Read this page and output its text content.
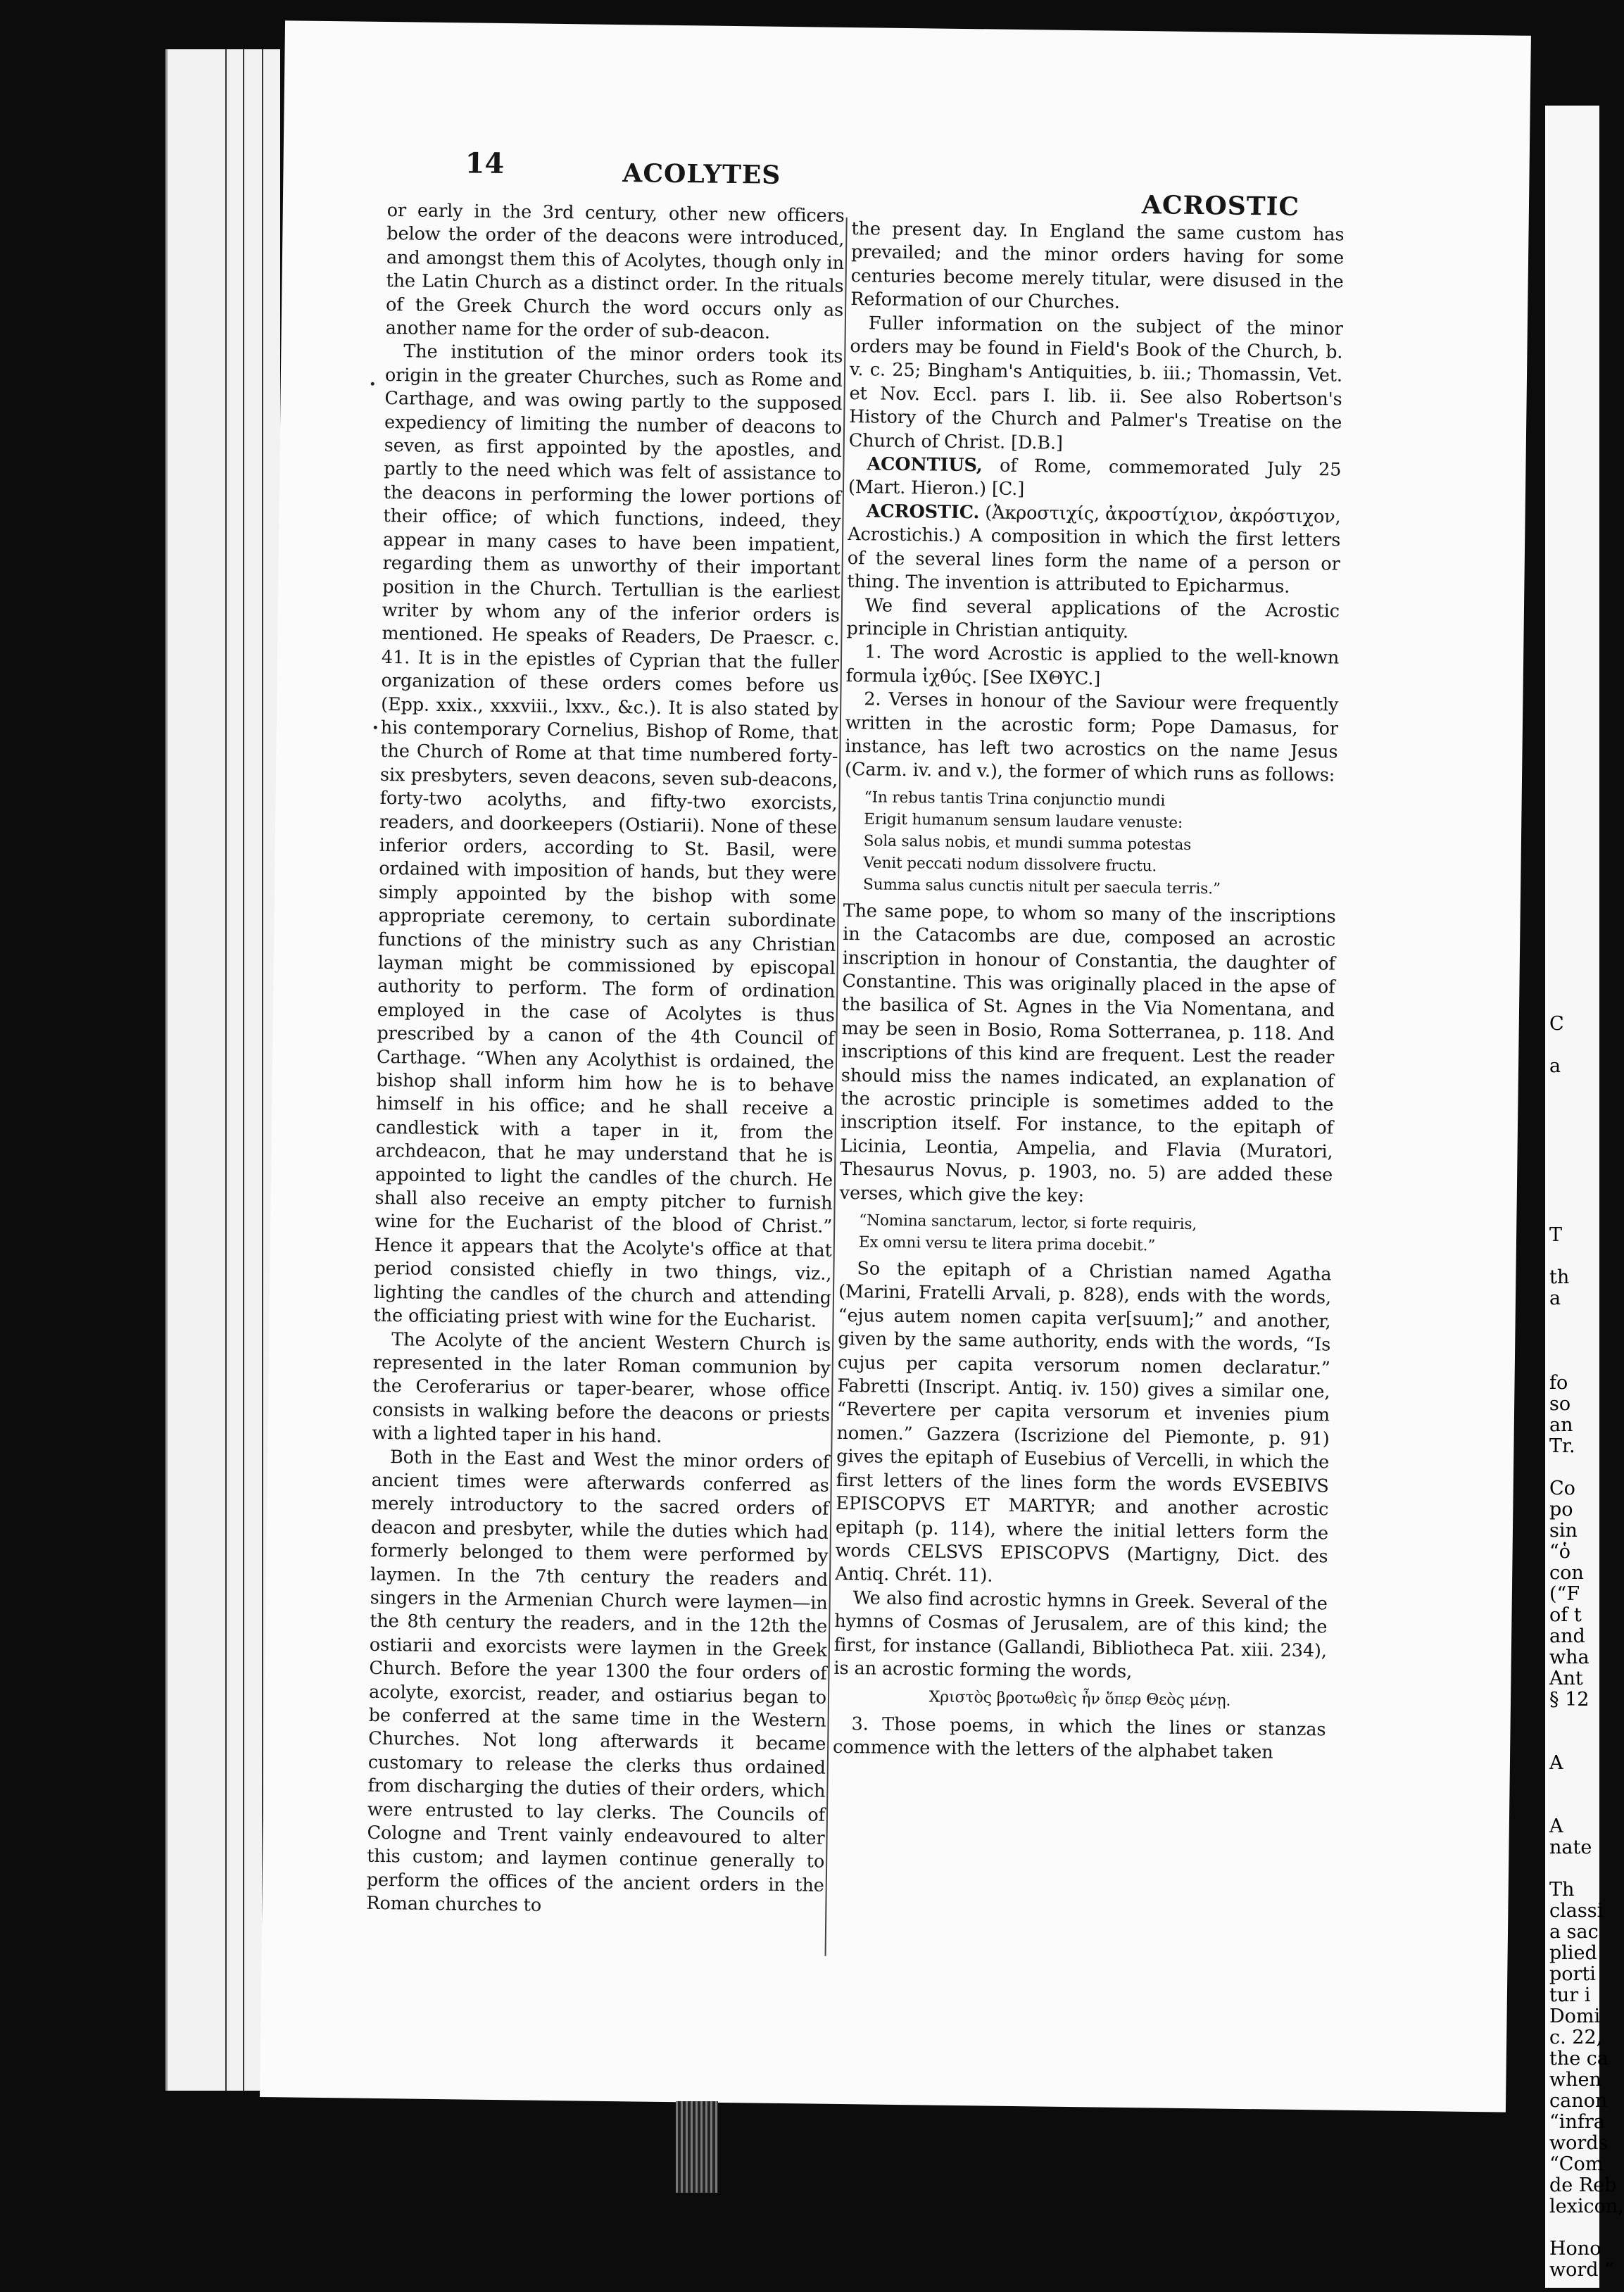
14	ACOLYTES
ACROSTIC

or early in the 3rd century, other new officers below the order of the deacons were introduced, and amongst them this of Acolytes, though only in the Latin Church as a distinct order. In the rituals of the Greek Church the word occurs only as another name for the order of sub-deacon.

The institution of the minor orders took its origin in the greater Churches, such as Rome and Carthage, and was owing partly to the supposed expediency of limiting the number of deacons to seven, as first appointed by the apostles, and partly to the need which was felt of assistance to the deacons in performing the lower portions of their office; of which functions, indeed, they appear in many cases to have been impatient, regarding them as unworthy of their important position in the Church. Tertullian is the earliest writer by whom any of the inferior orders is mentioned. He speaks of Readers, De Praescr. c. 41. It is in the epistles of Cyprian that the fuller organization of these orders comes before us (Epp. xxix., xxxviii., lxxv., &c.). It is also stated by his contemporary Cornelius, Bishop of Rome, that the Church of Rome at that time numbered forty-six presbyters, seven deacons, seven sub-deacons, forty-two acolyths, and fifty-two exorcists, readers, and doorkeepers (Ostiarii). None of these inferior orders, according to St. Basil, were ordained with imposition of hands, but they were simply appointed by the bishop with some appropriate ceremony, to certain subordinate functions of the ministry such as any Christian layman might be commissioned by episcopal authority to perform. The form of ordination employed in the case of Acolytes is thus prescribed by a canon of the 4th Council of Carthage. “When any Acolythist is ordained, the bishop shall inform him how he is to behave himself in his office; and he shall receive a candlestick with a taper in it, from the archdeacon, that he may understand that he is appointed to light the candles of the church. He shall also receive an empty pitcher to furnish wine for the Eucharist of the blood of Christ.” Hence it appears that the Acolyte's office at that period consisted chiefly in two things, viz., lighting the candles of the church and attending the officiating priest with wine for the Eucharist.

The Acolyte of the ancient Western Church is represented in the later Roman communion by the Ceroferarius or taper-bearer, whose office consists in walking before the deacons or priests with a lighted taper in his hand.

Both in the East and West the minor orders of ancient times were afterwards conferred as merely introductory to the sacred orders of deacon and presbyter, while the duties which had formerly belonged to them were performed by laymen. In the 7th century the readers and singers in the Armenian Church were laymen—in the 8th century the readers, and in the 12th the ostiarii and exorcists were laymen in the Greek Church. Before the year 1300 the four orders of acolyte, exorcist, reader, and ostiarius began to be conferred at the same time in the Western Churches. Not long afterwards it became customary to release the clerks thus ordained from discharging the duties of their orders, which were entrusted to lay clerks. The Councils of Cologne and Trent vainly endeavoured to alter this custom; and laymen continue generally to perform the offices of the ancient orders in the Roman churches to

the present day. In England the same custom has prevailed; and the minor orders having for some centuries become merely titular, were disused in the Reformation of our Churches.

Fuller information on the subject of the minor orders may be found in Field's Book of the Church, b. v. c. 25; Bingham's Antiquities, b. iii.; Thomassin, Vet. et Nov. Eccl. pars I. lib. ii. See also Robertson's History of the Church and Palmer's Treatise on the Church of Christ. [D.B.]

ACONTIUS, of Rome, commemorated July 25 (Mart. Hieron.) [C.]

ACROSTIC. (Ἀκροστιχίς, ἀκροστίχιον, ἀκρόστιχον, Acrostichis.) A composition in which the first letters of the several lines form the name of a person or thing. The invention is attributed to Epicharmus.

We find several applications of the Acrostic principle in Christian antiquity.

1. The word Acrostic is applied to the well-known formula ἰχθύς. [See IXΘΥC.]

2. Verses in honour of the Saviour were frequently written in the acrostic form; Pope Damasus, for instance, has left two acrostics on the name Jesus (Carm. iv. and v.), the former of which runs as follows:

“In rebus tantis Trina conjunctio mundi
Erigit humanum sensum laudare venuste:
Sola salus nobis, et mundi summa potestas
Venit peccati nodum dissolvere fructu.
Summa salus cunctis nitult per saecula terris.”

The same pope, to whom so many of the inscriptions in the Catacombs are due, composed an acrostic inscription in honour of Constantia, the daughter of Constantine. This was originally placed in the apse of the basilica of St. Agnes in the Via Nomentana, and may be seen in Bosio, Roma Sotterranea, p. 118. And inscriptions of this kind are frequent. Lest the reader should miss the names indicated, an explanation of the acrostic principle is sometimes added to the inscription itself. For instance, to the epitaph of Licinia, Leontia, Ampelia, and Flavia (Muratori, Thesaurus Novus, p. 1903, no. 5) are added these verses, which give the key:

“Nomina sanctarum, lector, si forte requiris,
Ex omni versu te litera prima docebit.”

So the epitaph of a Christian named Agatha (Marini, Fratelli Arvali, p. 828), ends with the words, “ejus autem nomen capita ver[suum];” and another, given by the same authority, ends with the words, “Is cujus per capita versorum nomen declaratur.” Fabretti (Inscript. Antiq. iv. 150) gives a similar one, “Revertere per capita versorum et invenies pium nomen.” Gazzera (Iscrizione del Piemonte, p. 91) gives the epitaph of Eusebius of Vercelli, in which the first letters of the lines form the words EVSEBIVS EPISCOPVS ET MARTYR; and another acrostic epitaph (p. 114), where the initial letters form the words CELSVS EPISCOPVS (Martigny, Dict. des Antiq. Chrét. 11).

We also find acrostic hymns in Greek. Several of the hymns of Cosmas of Jerusalem, are of this kind; the first, for instance (Gallandi, Bibliotheca Pat. xiii. 234), is an acrostic forming the words,

Χριστὸς βροτωθεὶς ἦν ὅπερ Θεὸς μένῃ.

3. Those poems, in which the lines or stanzas commence with the letters of the alphabet taken

C

a

T

th
a

fo
so
an
Tr.

Co
po
sin
“ὁ
con
(“F
of t
and
wha
Ant
§ 12

A

A
nate

Th
classi
a sac
plied
porti
tur i
Domi
c. 22,
the ca
when
canon
“infra
words
“Com
de Reb
lexicon,

Hono
word “
